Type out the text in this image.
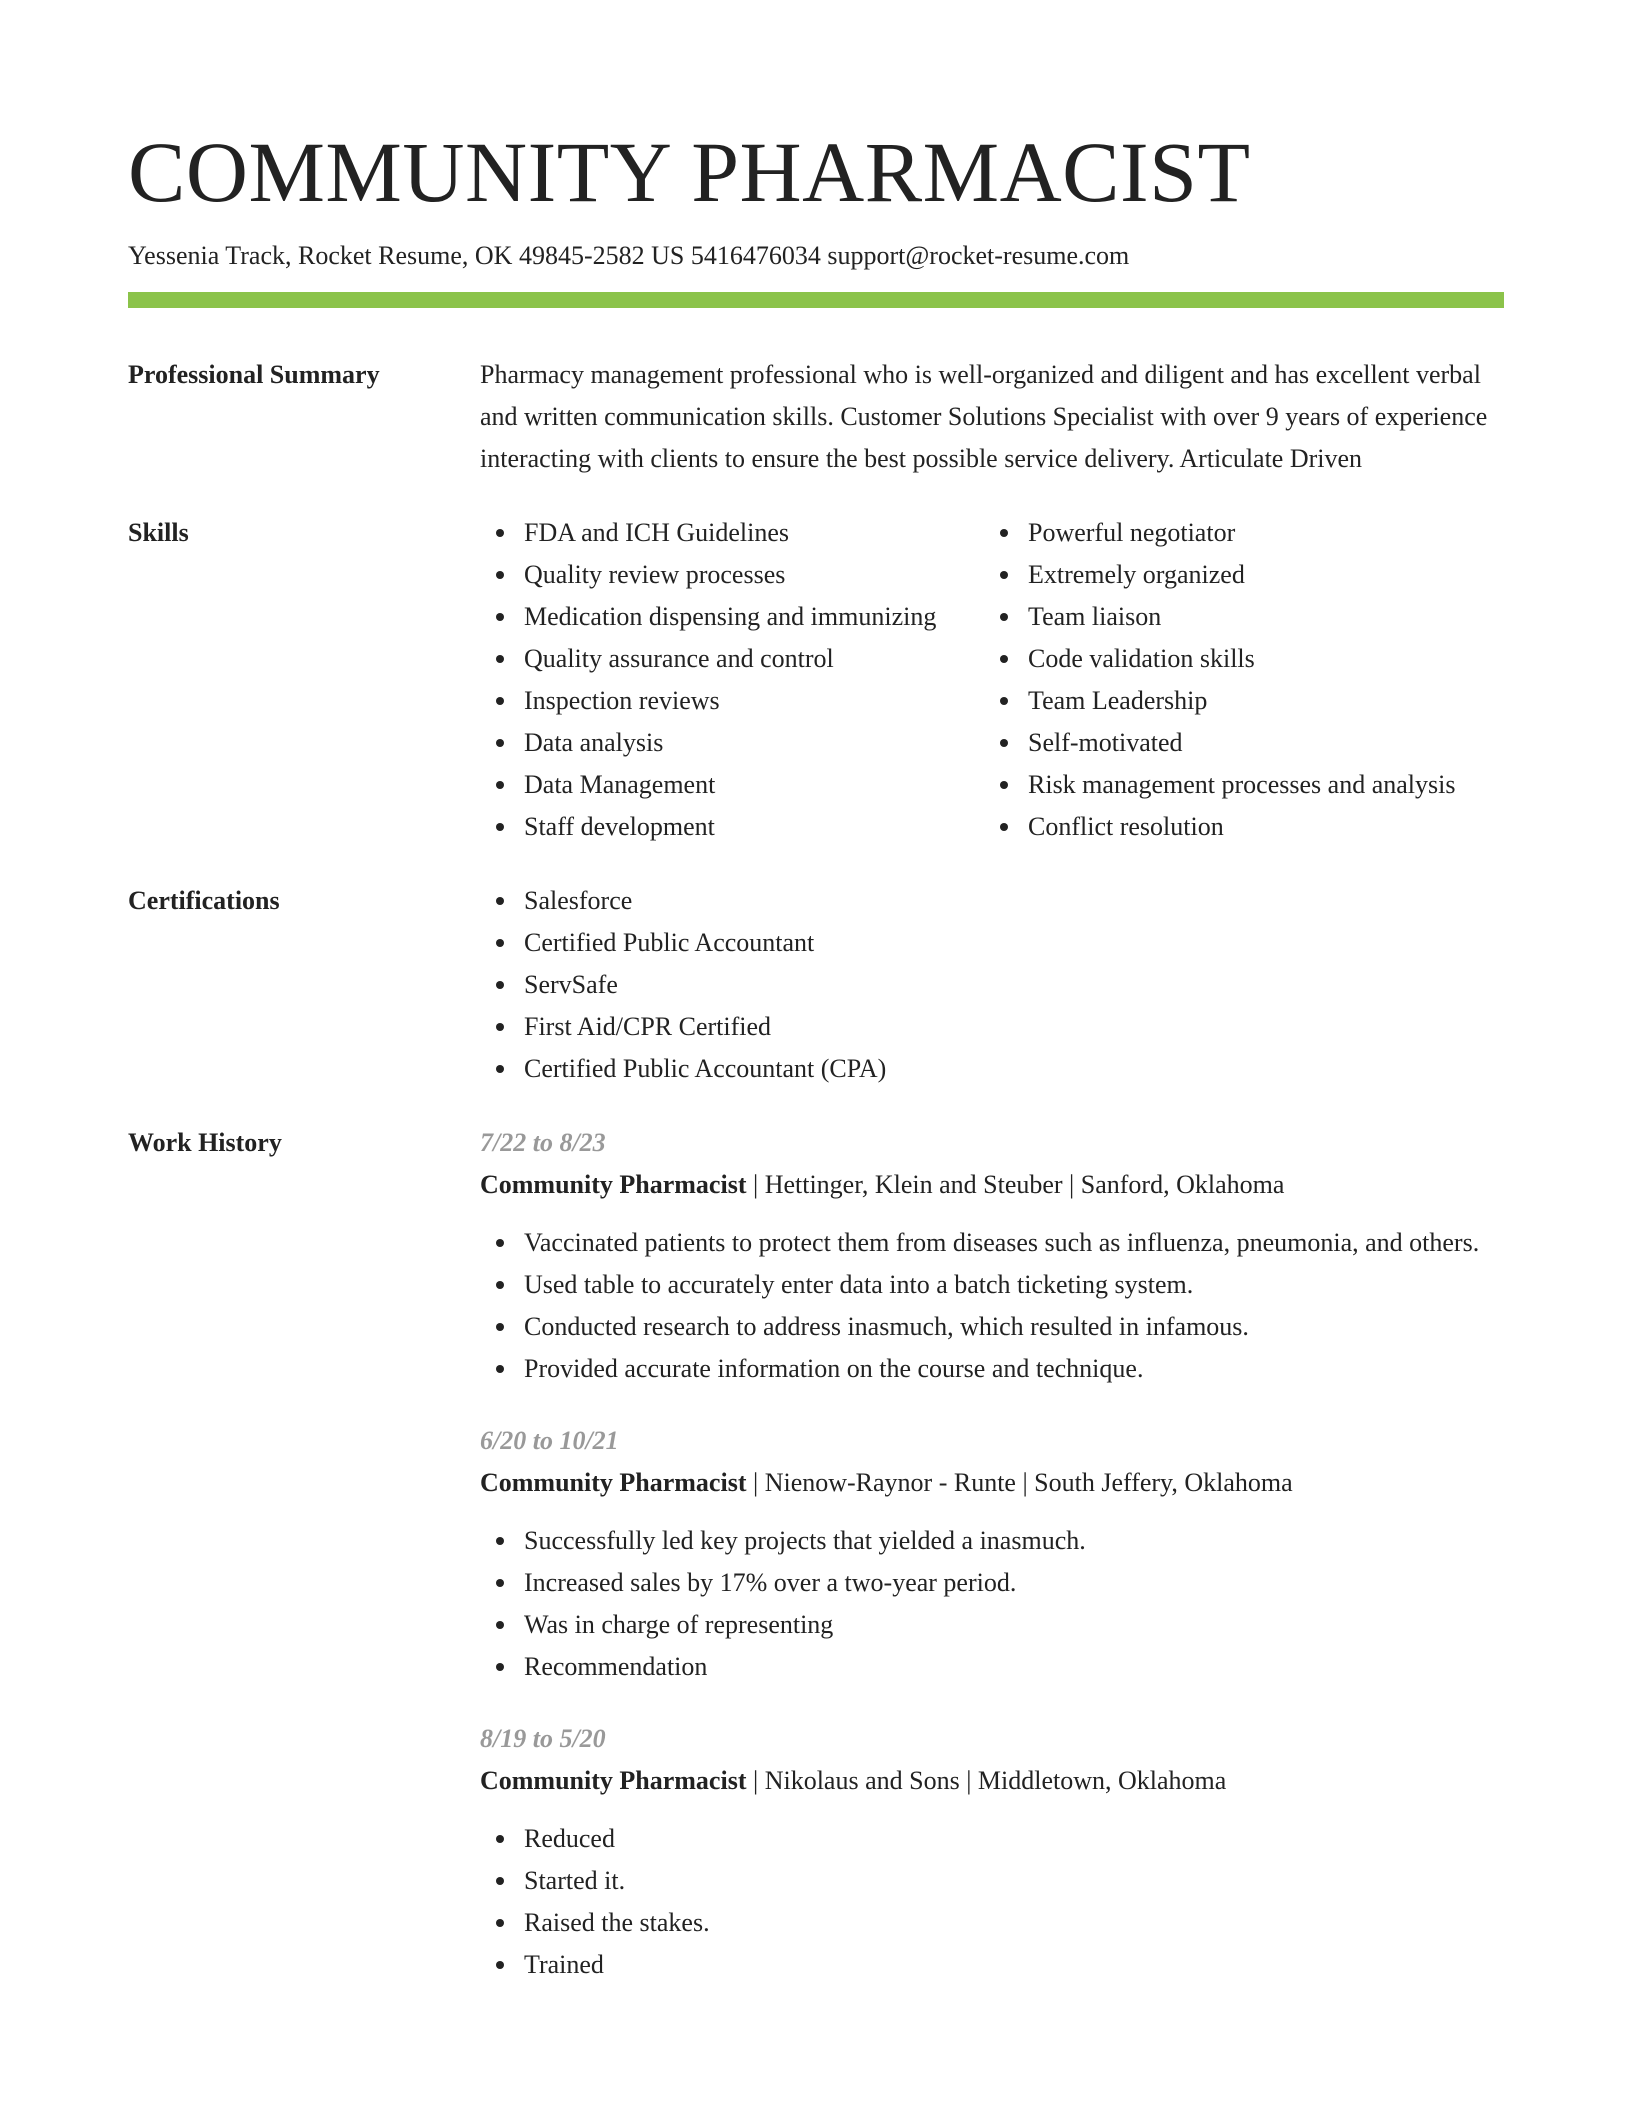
COMMUNITY PHARMACIST
Yessenia Track, Rocket Resume, OK 49845-2582 US 5416476034 support@rocket-resume.com
Professional Summary	Pharmacy management professional who is well-organized and diligent and has excellent verbal and written communication skills. Customer Solutions Specialist with over 9 years of experience interacting with clients to ensure the best possible service delivery. Articulate Driven
Skills	FDA and ICH Guidelines
Quality review processes
Medication dispensing and immunizing
Quality assurance and control
Inspection reviews
Data analysis
Data Management
Staff development
Powerful negotiator
Extremely organized
Team liaison
Code validation skills
Team Leadership
Self-motivated
Risk management processes and analysis
Conflict resolution
Certifications	Salesforce
Certified Public Accountant
ServSafe
First Aid/CPR Certified
Certified Public Accountant (CPA)
Work History	7/22 to 8/23
Community Pharmacist | Hettinger, Klein and Steuber | Sanford, Oklahoma
Vaccinated patients to protect them from diseases such as influenza, pneumonia, and others.
Used table to accurately enter data into a batch ticketing system.
Conducted research to address inasmuch, which resulted in infamous.
Provided accurate information on the course and technique.
6/20 to 10/21
Community Pharmacist | Nienow-Raynor - Runte | South Jeffery, Oklahoma
Successfully led key projects that yielded a inasmuch.
Increased sales by 17% over a two-year period.
Was in charge of representing
Recommendation
8/19 to 5/20
Community Pharmacist | Nikolaus and Sons | Middletown, Oklahoma
Reduced
Started it.
Raised the stakes.
Trained
